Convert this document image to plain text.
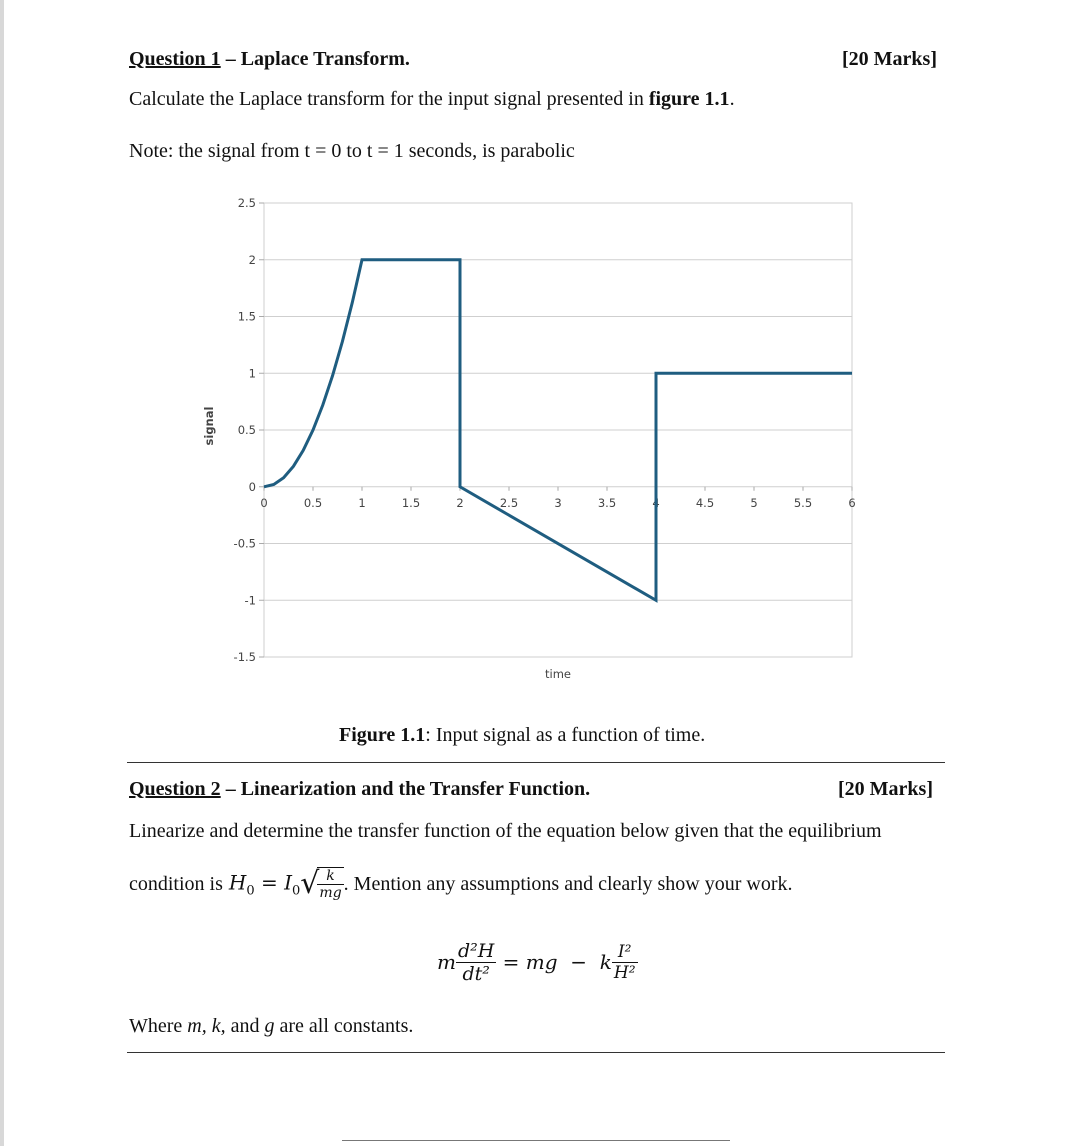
Question 1 – Laplace Transform.	[20 Marks]
Calculate the Laplace transform for the input signal presented in figure 1.1.
Note: the signal from t = 0 to t = 1 seconds, is parabolic
2.5
2
1.5
1
0.5
0
-0.5
-1
-1.5
0	0.5	1	1.5	2	2.5	3	3.5	4	4.5	5	5.5	6
time
signal
Figure 1.1: Input signal as a function of time.
Question 2 – Linearization and the Transfer Function.	[20 Marks]
Linearize and determine the transfer function of the equation below given that the equilibrium
condition is $H_0 = I_0√$
$\frac{k}{mg}$ . Mention any assumptions and clearly show your work.
m $\frac{\text{d²H}}{\text{dt²}}$ = mg  −  k $\frac{\text{I²}}{\text{H²}}$
Where m, k, and g are all constants.
